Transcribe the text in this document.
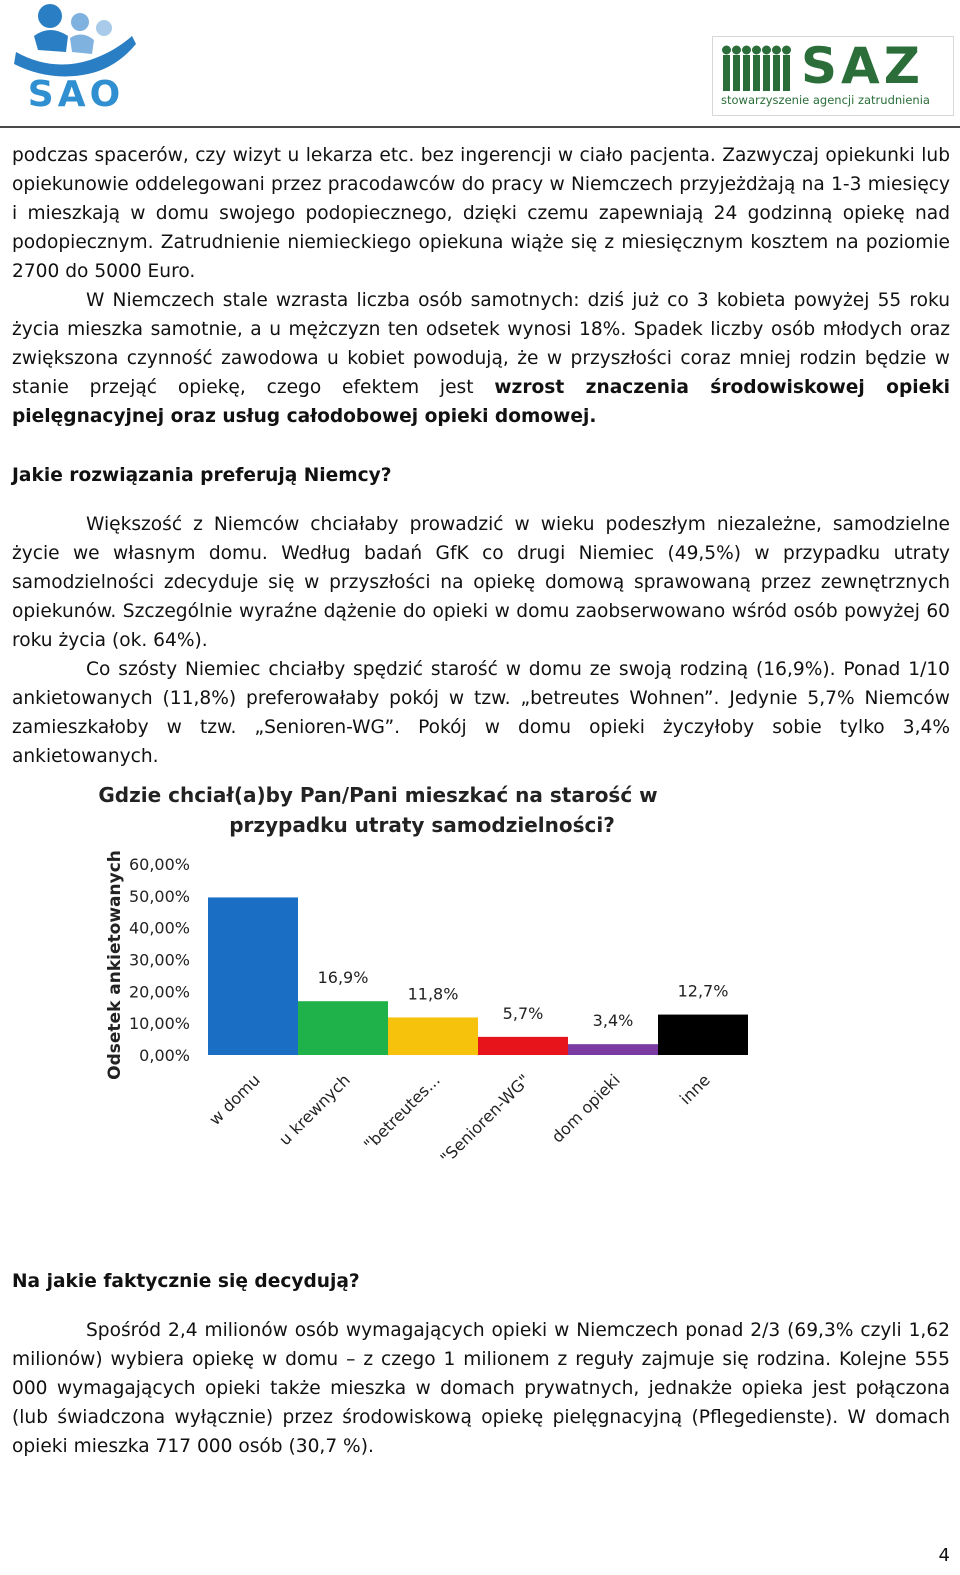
SAO	SAZ
stowarzyszenie agencji zatrudnienia

podczas spacerów, czy wizyt u lekarza etc. bez ingerencji w ciało pacjenta. Zazwyczaj opiekunki lub opiekunowie oddelegowani przez pracodawców do pracy w Niemczech przyjeżdżają na 1-3 miesięcy i mieszkają w domu swojego podopiecznego, dzięki czemu zapewniają 24 godzinną opiekę nad podopiecznym. Zatrudnienie niemieckiego opiekuna wiąże się z miesięcznym kosztem na poziomie 2700 do 5000 Euro.

W Niemczech stale wzrasta liczba osób samotnych: dziś już co 3 kobieta powyżej 55 roku życia mieszka samotnie, a u mężczyzn ten odsetek wynosi 18%. Spadek liczby osób młodych oraz zwiększona czynność zawodowa u kobiet powodują, że w przyszłości coraz mniej rodzin będzie w stanie przejąć opiekę, czego efektem jest wzrost znaczenia środowiskowej opieki pielęgnacyjnej oraz usług całodobowej opieki domowej.

Jakie rozwiązania preferują Niemcy?

Większość z Niemców chciałaby prowadzić w wieku podeszłym niezależne, samodzielne życie we własnym domu. Według badań GfK co drugi Niemiec (49,5%) w przypadku utraty samodzielności zdecyduje się w przyszłości na opiekę domową sprawowaną przez zewnętrznych opiekunów. Szczególnie wyraźne dążenie do opieki w domu zaobserwowano wśród osób powyżej 60 roku życia (ok. 64%).

Co szósty Niemiec chciałby spędzić starość w domu ze swoją rodziną (16,9%). Ponad 1/10 ankietowanych (11,8%) preferowałaby pokój w tzw. „betreutes Wohnen”. Jedynie 5,7% Niemców zamieszkałoby w tzw. „Senioren-WG”. Pokój w domu opieki życzyłoby sobie tylko 3,4% ankietowanych.

Gdzie chciał(a)by Pan/Pani mieszkać na starość w
przypadku utraty samodzielności?
Odsetek ankietowanych 0,00%
10,00%
20,00%
30,00%
40,00%
50,00%
60,00%
16,9%
11,8%
5,7%	3,4%
12,7%
w domu u krewnych "betreutes...
"Senioren-WG" dom opieki	inne
Na jakie faktycznie się decydują?

Spośród 2,4 milionów osób wymagających opieki w Niemczech ponad 2/3 (69,3% czyli 1,62 milionów) wybiera opiekę w domu – z czego 1 milionem z reguły zajmuje się rodzina. Kolejne 555 000 wymagających opieki także mieszka w domach prywatnych, jednakże opieka jest połączona (lub świadczona wyłącznie) przez środowiskową opiekę pielęgnacyjną (Pflegedienste). W domach opieki mieszka 717 000 osób (30,7 %).

4
